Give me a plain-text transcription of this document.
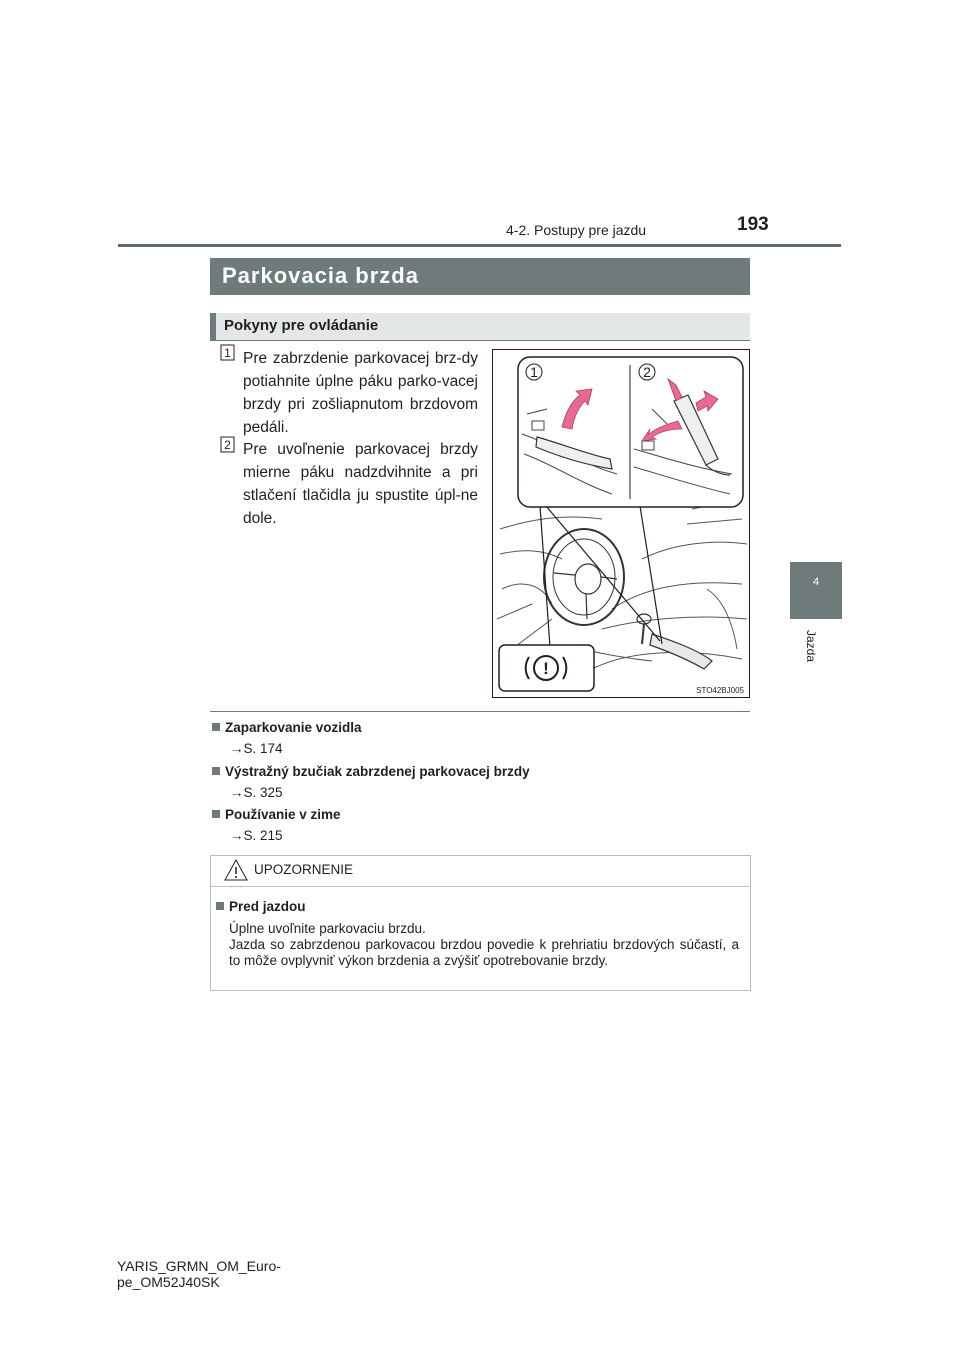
4-2. Postupy pre jazdu	193
4
Jazda
Parkovacia brzda
Pokyny pre ovládanie
1 Pre zabrzdenie parkovacej brz-dy potiahnite úplne páku parko-vacej brzdy pri zošliapnutom brzdovom pedáli.
2 Pre uvoľnenie parkovacej brzdy mierne páku nadzdvihnite a pri stlačení tlačidla ju spustite úpl-ne dole.
1	2
!
STO42BJ005
Zaparkovanie vozidla
→S. 174
Výstražný bzučiak zabrzdenej parkovacej brzdy
→S. 325
Používanie v zime
→S. 215
UPOZORNENIE
Pred jazdou
Úplne uvoľnite parkovaciu brzdu.
Jazda so zabrzdenou parkovacou brzdou povedie k prehriatiu brzdových súčastí, a to môže ovplyvniť výkon brzdenia a zvýšiť opotrebovanie brzdy.
YARIS_GRMN_OM_Euro-
pe_OM52J40SK
